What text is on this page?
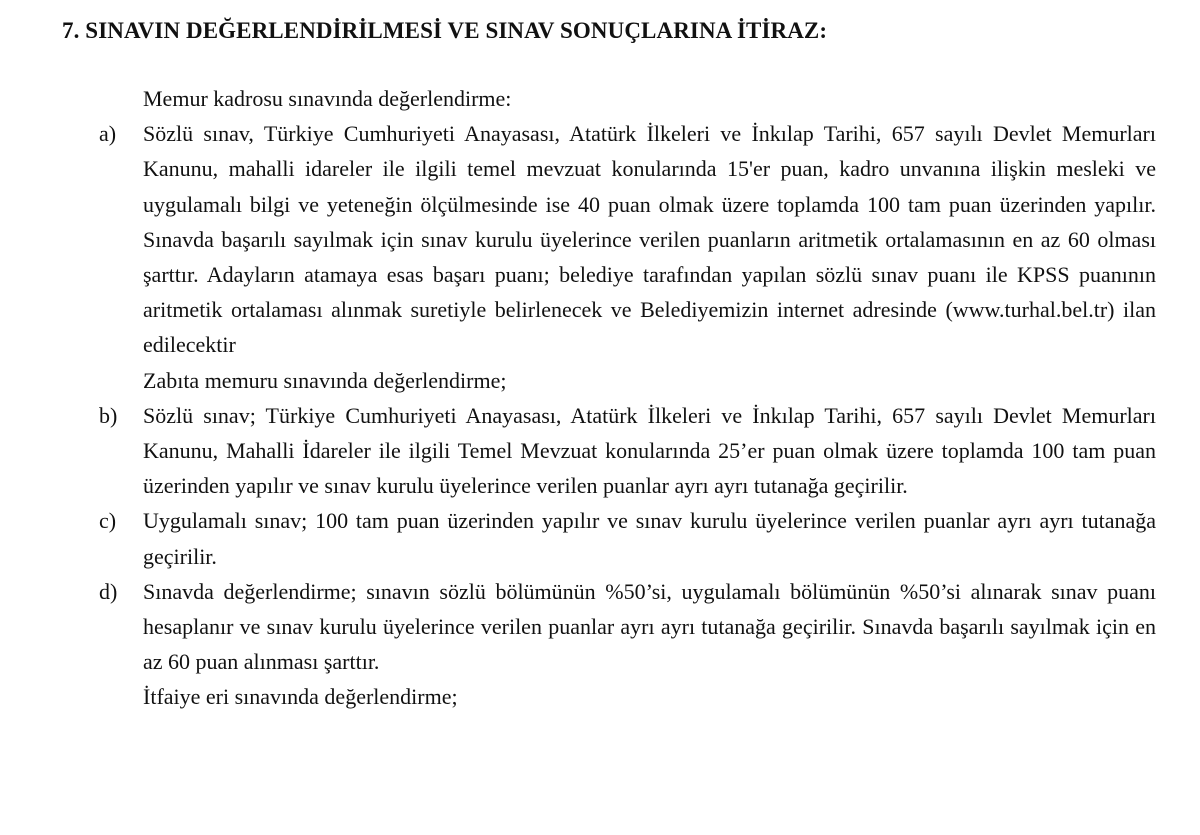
7. SINAVIN DEĞERLENDİRİLMESİ VE SINAV SONUÇLARINA İTİRAZ:
Memur kadrosu sınavında değerlendirme:
a) Sözlü sınav, Türkiye Cumhuriyeti Anayasası, Atatürk İlkeleri ve İnkılap Tarihi, 657 sayılı Devlet Memurları Kanunu, mahalli idareler ile ilgili temel mevzuat konularında 15'er puan, kadro unvanına ilişkin mesleki ve uygulamalı bilgi ve yeteneğin ölçülmesinde ise 40 puan olmak üzere toplamda 100 tam puan üzerinden yapılır. Sınavda başarılı sayılmak için sınav kurulu üyelerince verilen puanların aritmetik ortalamasının en az 60 olması şarttır. Adayların atamaya esas başarı puanı; belediye tarafından yapılan sözlü sınav puanı ile KPSS puanının aritmetik ortalaması alınmak suretiyle belirlenecek ve Belediyemizin internet adresinde (www.turhal.bel.tr) ilan edilecektir
Zabıta memuru sınavında değerlendirme;
b) Sözlü sınav; Türkiye Cumhuriyeti Anayasası, Atatürk İlkeleri ve İnkılap Tarihi, 657 sayılı Devlet Memurları Kanunu, Mahalli İdareler ile ilgili Temel Mevzuat konularında 25’er puan olmak üzere toplamda 100 tam puan üzerinden yapılır ve sınav kurulu üyelerince verilen puanlar ayrı ayrı tutanağa geçirilir.
c) Uygulamalı sınav; 100 tam puan üzerinden yapılır ve sınav kurulu üyelerince verilen puanlar ayrı ayrı tutanağa geçirilir.
d) Sınavda değerlendirme; sınavın sözlü bölümünün %50’si, uygulamalı bölümünün %50’si alınarak sınav puanı hesaplanır ve sınav kurulu üyelerince verilen puanlar ayrı ayrı tutanağa geçirilir. Sınavda başarılı sayılmak için en az 60 puan alınması şarttır.
İtfaiye eri sınavında değerlendirme;
